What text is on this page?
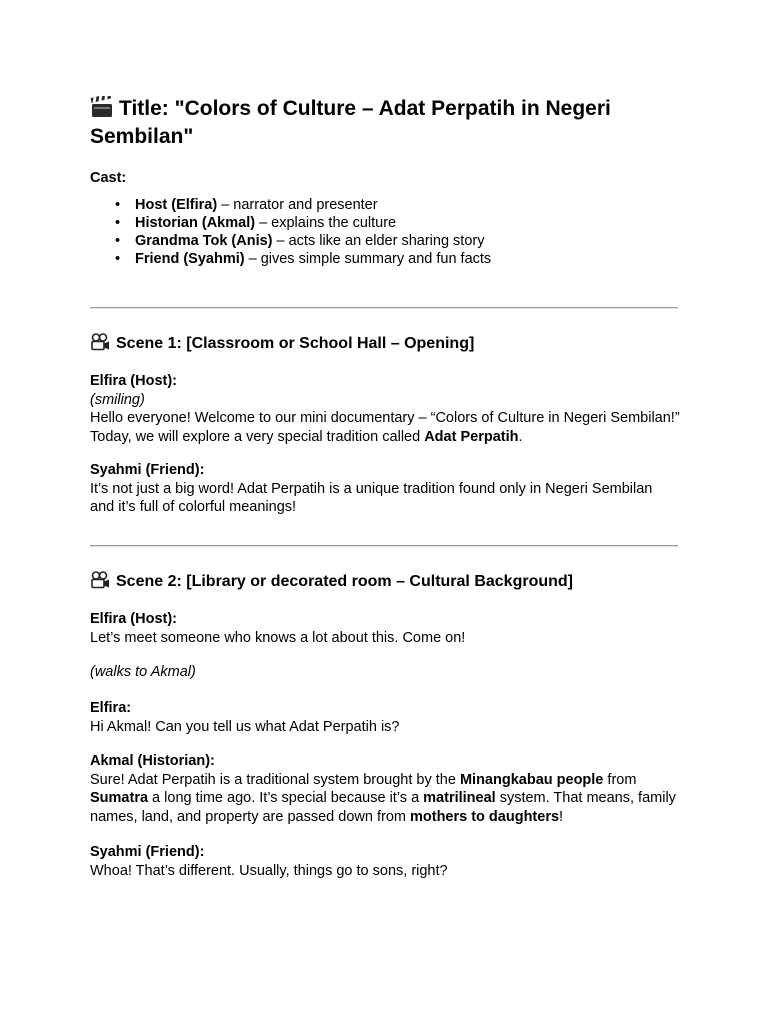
Title: "Colors of Culture – Adat Perpatih in Negeri Sembilan"
Cast:
• Host (Elfira) – narrator and presenter
• Historian (Akmal) – explains the culture
• Grandma Tok (Anis) – acts like an elder sharing story
• Friend (Syahmi) – gives simple summary and fun facts
Scene 1: [Classroom or School Hall – Opening]
Elfira (Host):
(smiling)
Hello everyone! Welcome to our mini documentary – “Colors of Culture in Negeri Sembilan!” Today, we will explore a very special tradition called Adat Perpatih.
Syahmi (Friend):
It’s not just a big word! Adat Perpatih is a unique tradition found only in Negeri Sembilan and it’s full of colorful meanings!
Scene 2: [Library or decorated room – Cultural Background]
Elfira (Host):
Let’s meet someone who knows a lot about this. Come on!
(walks to Akmal)
Elfira:
Hi Akmal! Can you tell us what Adat Perpatih is?
Akmal (Historian):
Sure! Adat Perpatih is a traditional system brought by the Minangkabau people from
Sumatra a long time ago. It’s special because it’s a matrilineal system. That means, family names, land, and property are passed down from mothers to daughters!
Syahmi (Friend):
Whoa! That’s different. Usually, things go to sons, right?
